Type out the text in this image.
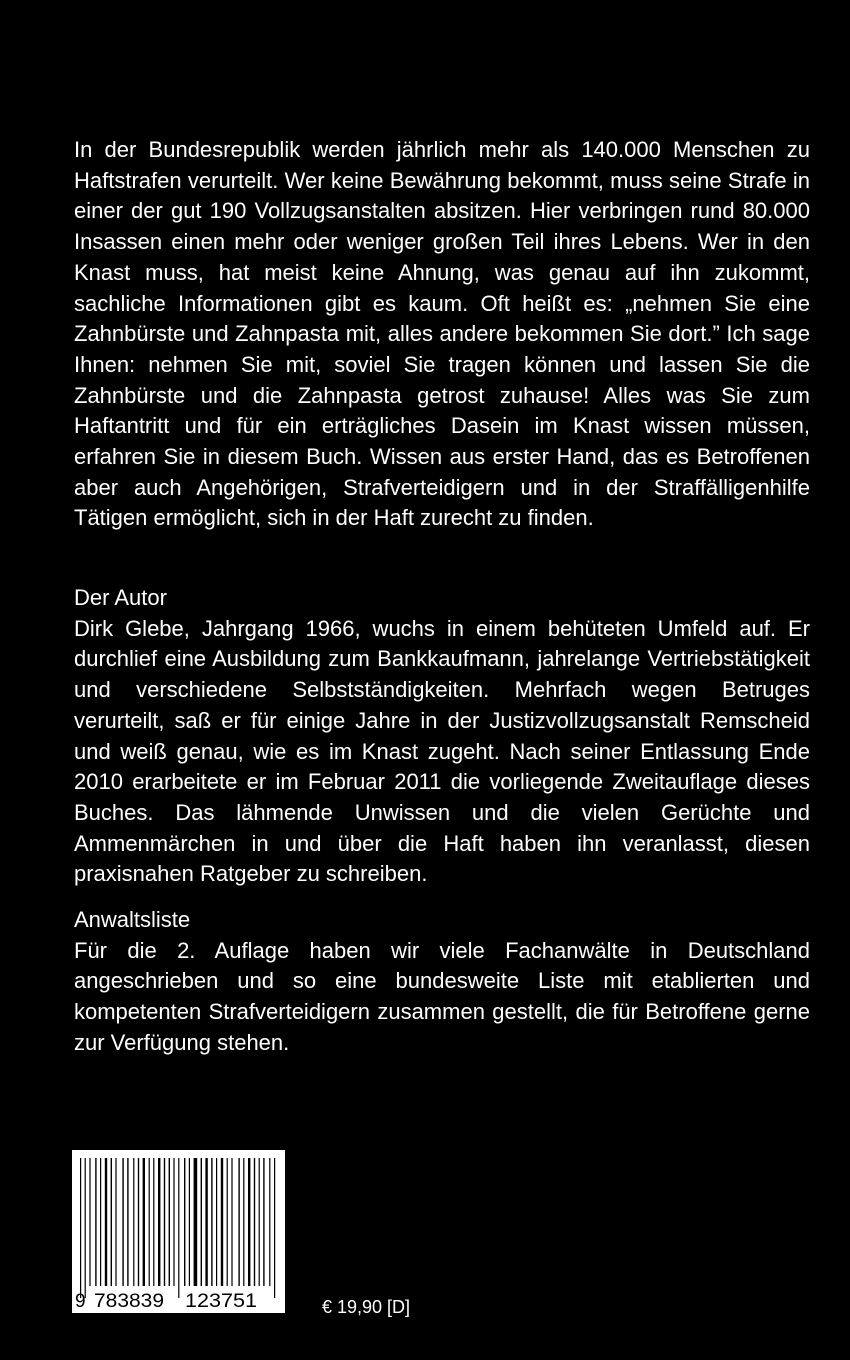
In der Bundesrepublik werden jährlich mehr als 140.000 Menschen zu Haftstrafen verurteilt. Wer keine Bewährung bekommt, muss seine Strafe in einer der gut 190 Vollzugsanstalten absitzen. Hier verbringen rund 80.000 Insassen einen mehr oder weniger großen Teil ihres Lebens. Wer in den Knast muss, hat meist keine Ahnung, was genau auf ihn zukommt, sachliche Informationen gibt es kaum. Oft heißt es: „nehmen Sie eine Zahnbürste und Zahnpasta mit, alles andere bekommen Sie dort.” Ich sage Ihnen: nehmen Sie mit, soviel Sie tragen können und lassen Sie die Zahnbürste und die Zahnpasta getrost zuhause! Alles was Sie zum Haftantritt und für ein erträgliches Dasein im Knast wissen müssen, erfahren Sie in diesem Buch. Wissen aus erster Hand, das es Betroffenen aber auch Angehörigen, Strafverteidigern und in der Straffälligenhilfe Tätigen ermöglicht, sich in der Haft zurecht zu finden.
Der Autor
Dirk Glebe, Jahrgang 1966, wuchs in einem behüteten Umfeld auf. Er durchlief eine Ausbildung zum Bankkaufmann, jahrelange Vertriebstätigkeit und verschiedene Selbstständigkeiten. Mehrfach wegen Betruges verurteilt, saß er für einige Jahre in der Justizvollzugsanstalt Remscheid und weiß genau, wie es im Knast zugeht. Nach seiner Entlassung Ende 2010 erarbeitete er im Februar 2011 die vorliegende Zweitauflage dieses Buches. Das lähmende Unwissen und die vielen Gerüchte und Ammenmärchen in und über die Haft haben ihn veranlasst, diesen praxisnahen Ratgeber zu schreiben.
Anwaltsliste
Für die 2. Auflage haben wir viele Fachanwälte in Deutschland angeschrieben und so eine bundesweite Liste mit etablierten und kompetenten Strafverteidigern zusammen gestellt, die für Betroffene gerne zur Verfügung stehen.
9 783839 123751	€ 19,90 [D]
